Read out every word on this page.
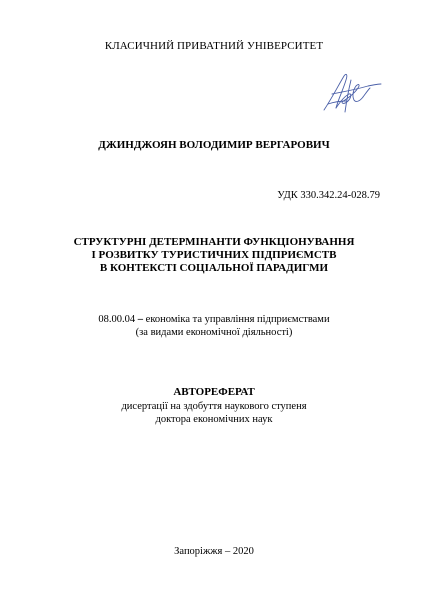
КЛАСИЧНИЙ ПРИВАТНИЙ УНІВЕРСИТЕТ
ДЖИНДЖОЯН ВОЛОДИМИР ВЕРГАРОВИЧ
УДК 330.342.24-028.79
СТРУКТУРНІ ДЕТЕРМІНАНТИ ФУНКЦІОНУВАННЯ
І РОЗВИТКУ ТУРИСТИЧНИХ ПІДПРИЄМСТВ
В КОНТЕКСТІ СОЦІАЛЬНОЇ ПАРАДИГМИ
08.00.04 – економіка та управління підприємствами
(за видами економічної діяльності)
АВТОРЕФЕРАТ
дисертації на здобуття наукового ступеня
доктора економічних наук
Запоріжжя – 2020
